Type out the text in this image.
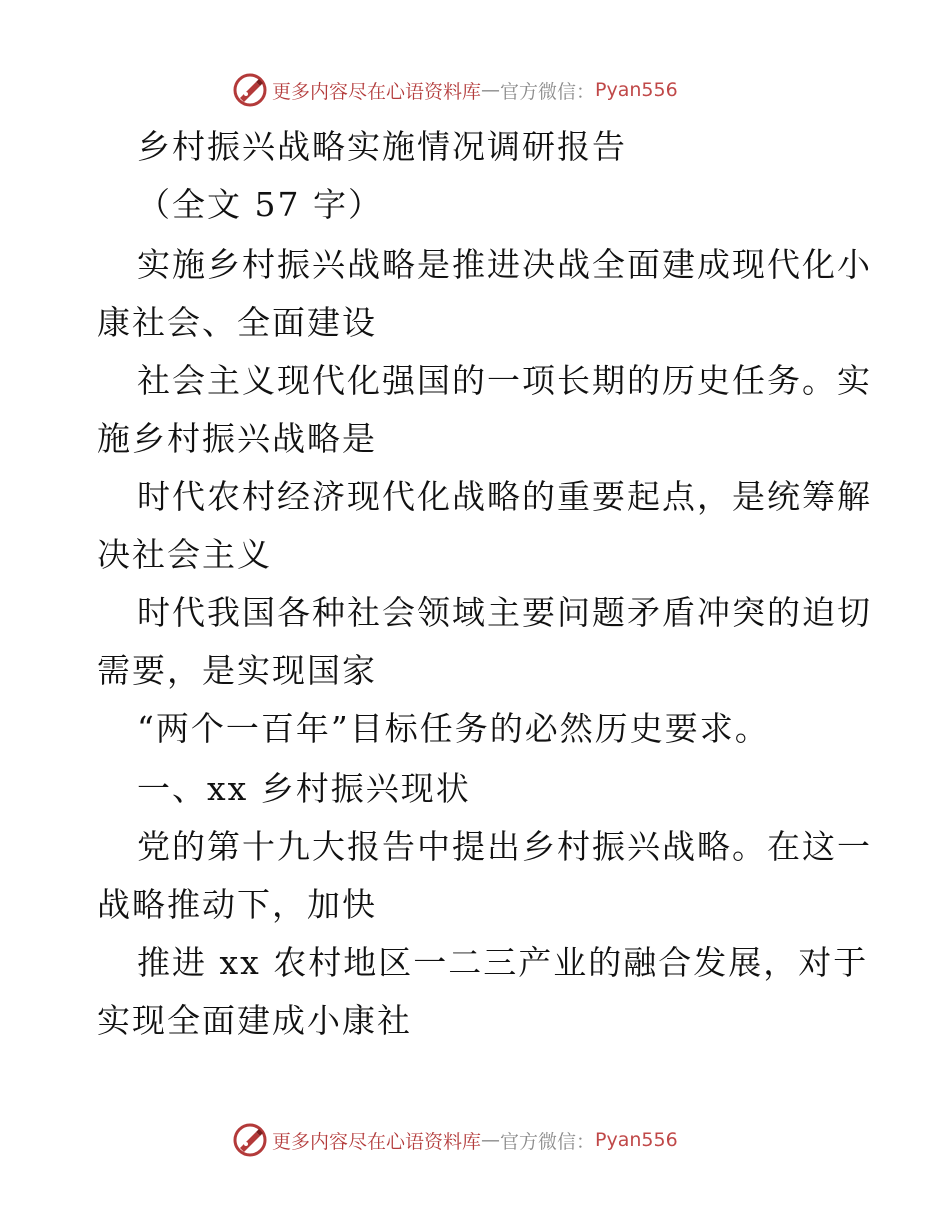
更多内容尽在心语资料库 — 官方微信： Pyan556
乡村振兴战略实施情况调研报告
（全文 57 字）
实施乡村振兴战略是推进决战全面建成现代化小
康社会、全面建设
社会主义现代化强国的一项长期的历史任务。实
施乡村振兴战略是
时代农村经济现代化战略的重要起点，是统筹解
决社会主义
时代我国各种社会领域主要问题矛盾冲突的迫切
需要，是实现国家
“两个一百年”目标任务的必然历史要求。
一、xx 乡村振兴现状
党的第十九大报告中提出乡村振兴战略。在这一
战略推动下，加快
推进 xx 农村地区一二三产业的融合发展，对于
实现全面建成小康社
更多内容尽在心语资料库 — 官方微信： Pyan556
